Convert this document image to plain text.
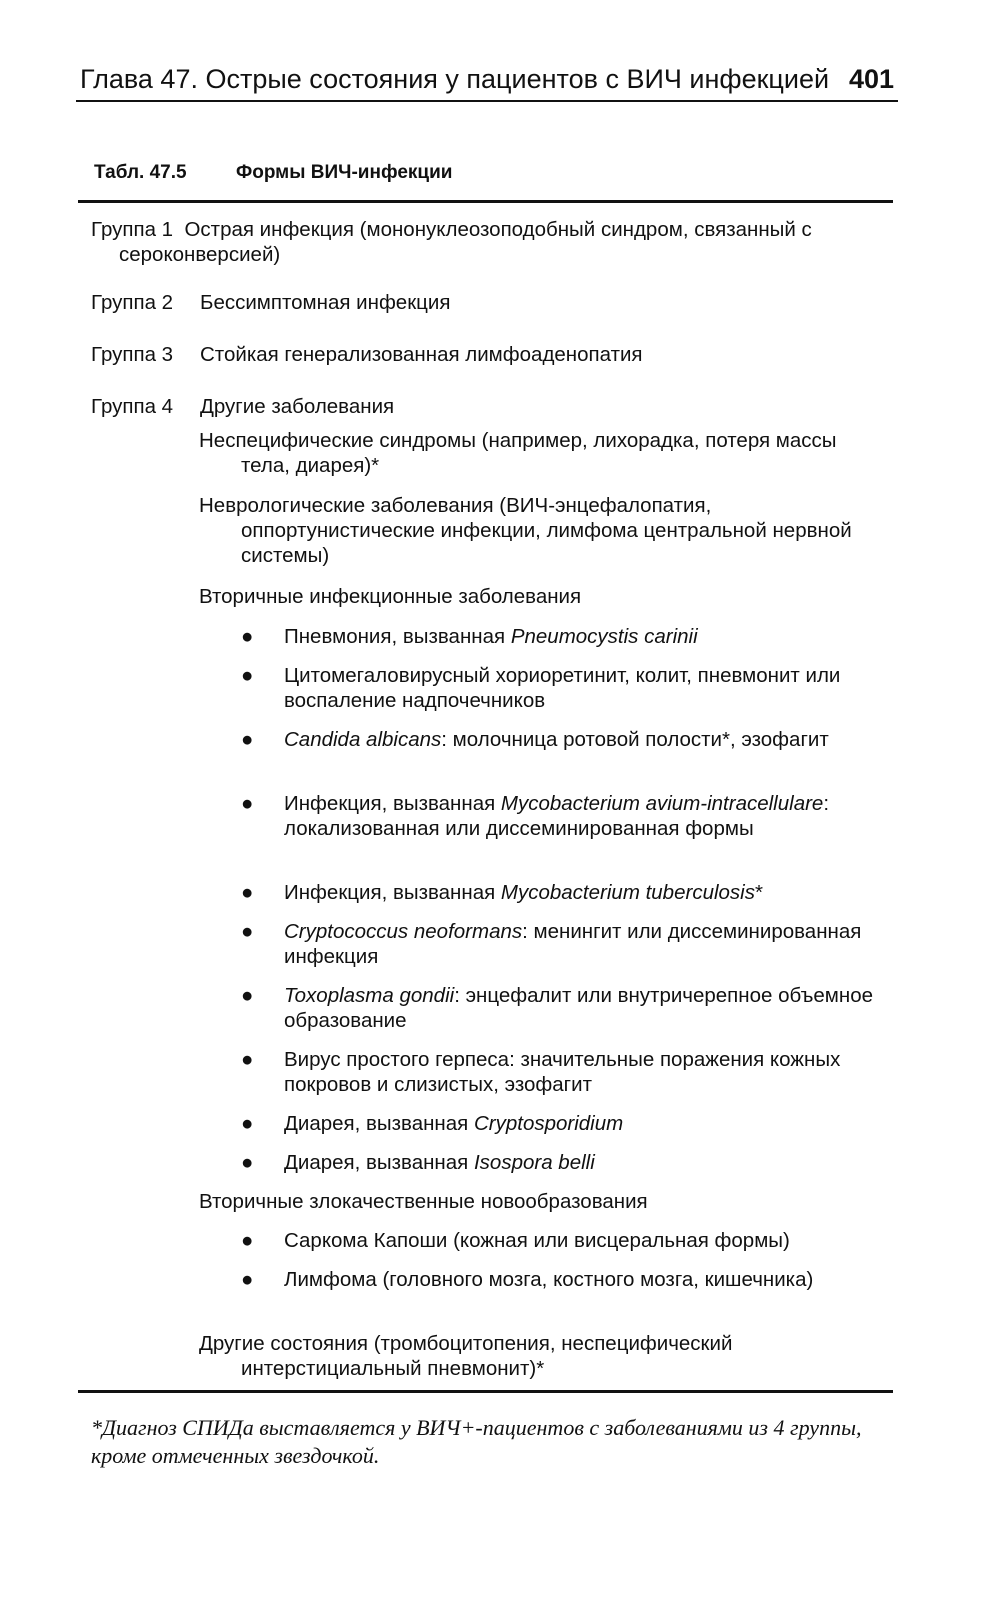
Глава 47. Острые состояния у пациентов с ВИЧ инфекцией 401
Табл. 47.5	Формы ВИЧ-инфекции
Группа 1 Острая инфекция (мононуклеозоподобный синдром, связанный с сероконверсией)
Группа 2 Бессимптомная инфекция
Группа 3 Стойкая генерализованная лимфоаденопатия
Группа 4 Другие заболевания
Неспецифические синдромы (например, лихорадка, потеря массы тела, диарея)*
Неврологические заболевания (ВИЧ-энцефалопатия, оппортунистические инфекции, лимфома центральной нервной системы)
Вторичные инфекционные заболевания
●	Пневмония, вызванная Pneumocystis carinii
●	Цитомегаловирусный хориоретинит, колит, пневмонит или воспаление надпочечников
●	Candida albicans: молочница ротовой полости*, эзофагит
●	Инфекция, вызванная Mycobacterium avium-intracellulare: локализованная или диссеминированная формы
●	Инфекция, вызванная Mycobacterium tuberculosis*
●	Cryptococcus neoformans: менингит или диссеминированная инфекция
●	Toxoplasma gondii: энцефалит или внутричерепное объемное образование
●	Вирус простого герпеса: значительные поражения кожных покровов и слизистых, эзофагит
●	Диарея, вызванная Cryptosporidium
●	Диарея, вызванная Isospora belli
Вторичные злокачественные новообразования
●	Саркома Капоши (кожная или висцеральная формы)
●	Лимфома (головного мозга, костного мозга, кишечника)
Другие состояния (тромбоцитопения, неспецифический интерстициальный пневмонит)*
*Диагноз СПИДа выставляется у ВИЧ+-пациентов с заболеваниями из 4 группы, кроме отмеченных звездочкой.
